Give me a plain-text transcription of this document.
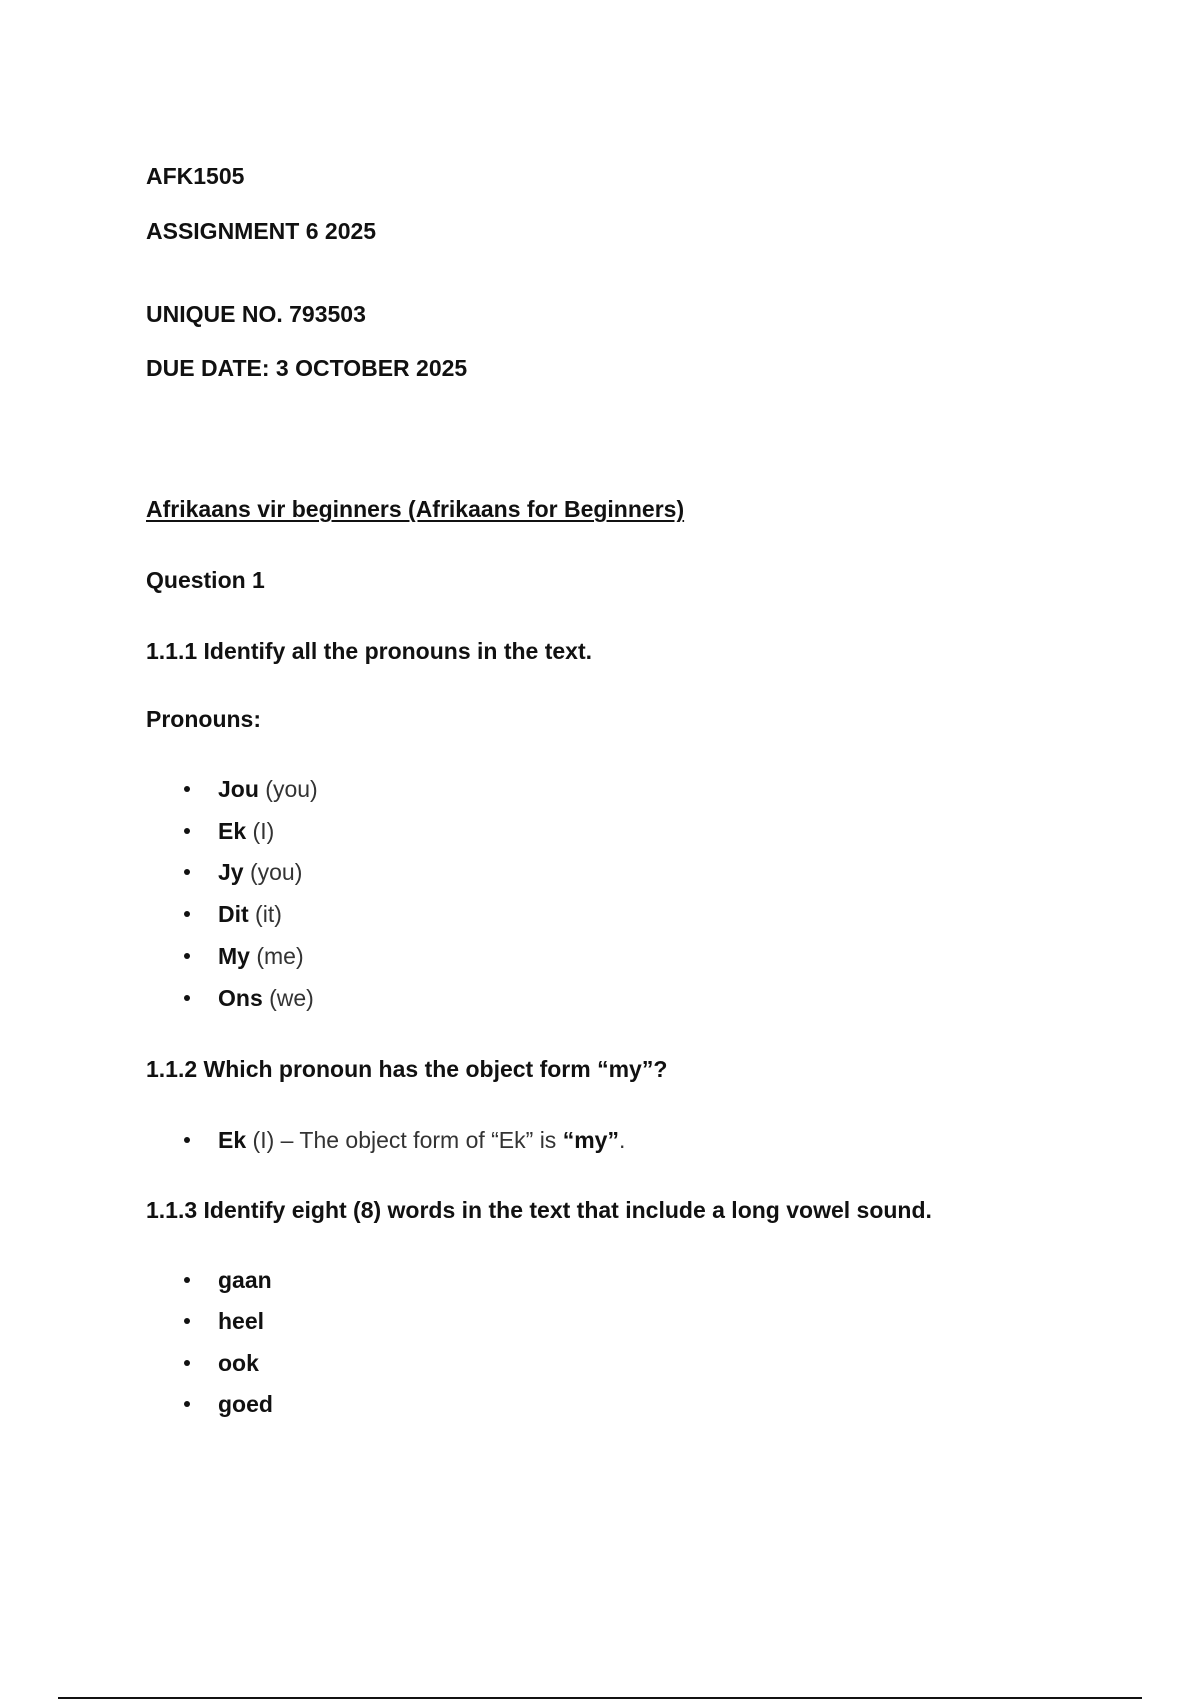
AFK1505
ASSIGNMENT 6 2025
UNIQUE NO. 793503
DUE DATE: 3 OCTOBER 2025
Afrikaans vir beginners (Afrikaans for Beginners)
Question 1
1.1.1 Identify all the pronouns in the text.
Pronouns:
Jou (you)
Ek (I)
Jy (you)
Dit (it)
My (me)
Ons (we)
1.1.2 Which pronoun has the object form “my”?
Ek (I) – The object form of “Ek” is “my”.
1.1.3 Identify eight (8) words in the text that include a long vowel sound.
gaan
heel
ook
goed
